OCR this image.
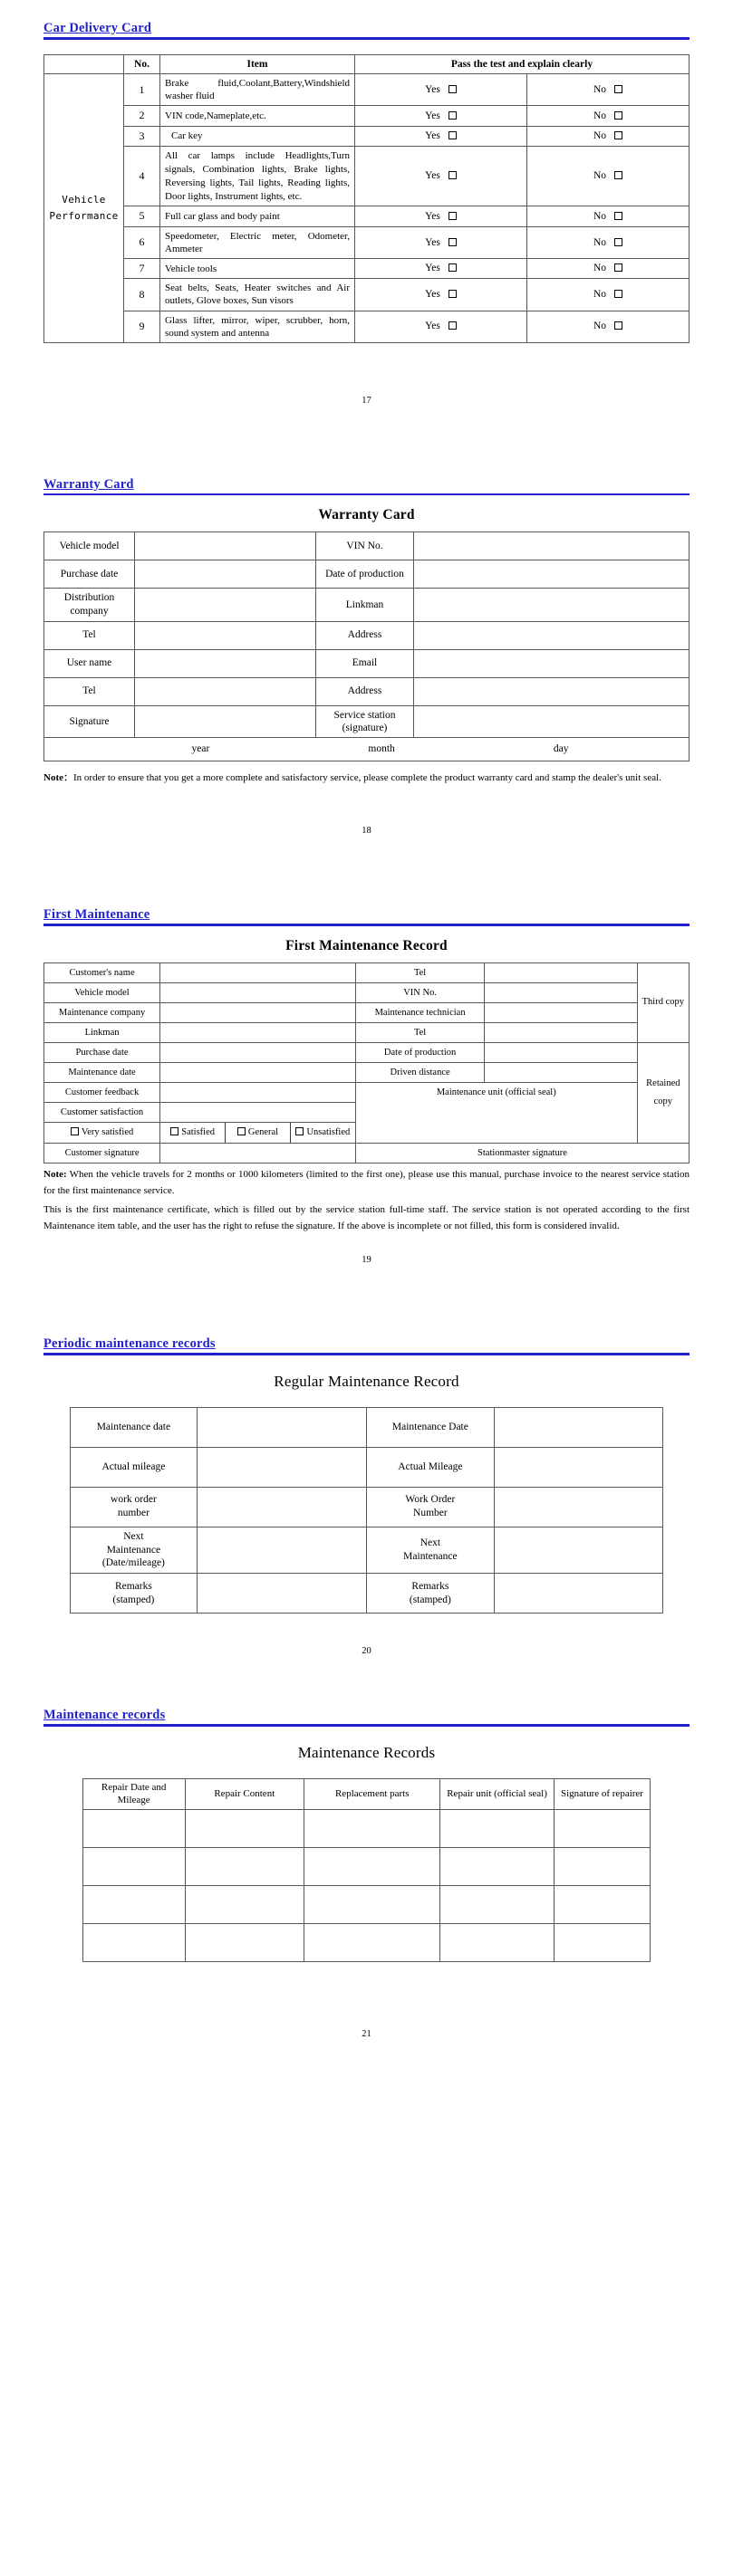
Car Delivery Card
	No.	Item	Pass the test and explain clearly	
Vehicle
Performance	1	Brake fluid,Coolant,Battery,Windshield washer fluid	Yes	No
	2	VIN code,Nameplate,etc.	Yes	No
	3	Car key	Yes	No
	4	All car lamps include Headlights,Turn signals, Combination lights, Brake lights, Reversing lights, Tail lights, Reading lights, Door lights, Instrument lights, etc.	Yes	No
	5	Full car glass and body paint	Yes	No
	6	Speedometer, Electric meter, Odometer, Ammeter	Yes	No
	7	Vehicle tools	Yes	No
	8	Seat belts, Seats, Heater switches and Air outlets, Glove boxes, Sun visors	Yes	No
	9	Glass lifter, mirror, wiper, scrubber, horn, sound system and antenna	Yes	No
17
Warranty Card
Warranty Card
Vehicle model		VIN No.	
Purchase date		Date of production	
Distribution company		Linkman	
Tel		Address	
User name		Email	
Tel		Address	
Signature		Service station
(signature)	

year month day			

Note：In order to ensure that you get a more complete and satisfactory service, please complete the product warranty card and stamp the dealer's unit seal.

18
First Maintenance
First Maintenance Record
Customer's name		Tel		Third copy
Vehicle model		VIN No.	
Maintenance company		Maintenance technician	
Linkman		Tel	
Purchase date		Date of production		Retained copy
Maintenance date		Driven distance	
Customer feedback		Maintenance unit (official seal)
Customer satisfaction	
Very satisfied		Satisfied	General	Unsatisfied

Customer signature		Stationmaster signature

Note: When the vehicle travels for 2 months or 1000 kilometers (limited to the first one), please use this manual, purchase invoice to the nearest service station for the first maintenance service.

This is the first maintenance certificate, which is filled out by the service station full-time staff. The service station is not operated according to the first Maintenance item table, and the user has the right to refuse the signature. If the above is incomplete or not filled, this form is considered invalid.

19
Periodic maintenance records
Regular Maintenance Record
Maintenance date		Maintenance Date	
Actual mileage		Actual Mileage	
work order
number		Work Order
Number	
Next
Maintenance
(Date/mileage)		Next
Maintenance	
Remarks
(stamped)		Remarks
(stamped)	
20
Maintenance records
Maintenance Records
Repair Date and Mileage	Repair Content	Replacement parts	Repair unit (official seal)	Signature of repairer

21
